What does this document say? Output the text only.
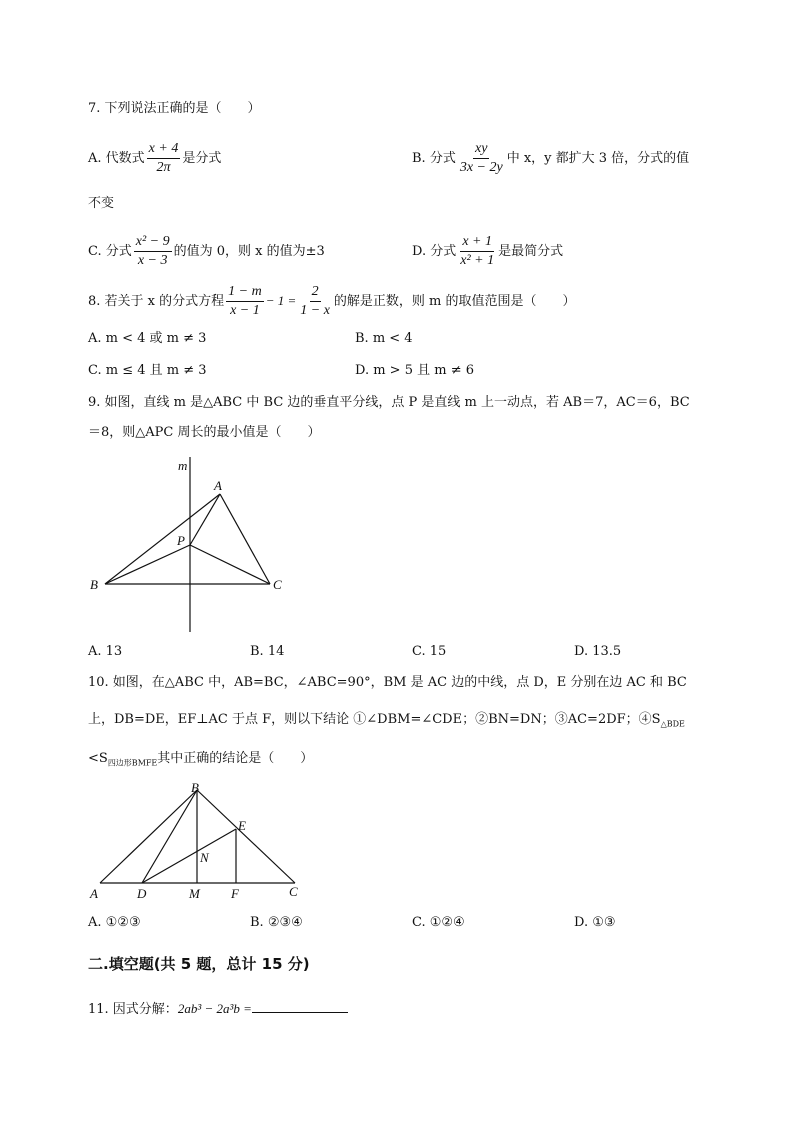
7. 下列说法正确的是（　　）
A. 代数式 $\frac{x + 4}{2\pi}$ 是分式	B. 分式 $\frac{xy}{3x - 2y}$ 中 x，y 都扩大 3 倍，分式的值
不变
C. 分式 $\frac{\text{x² − 9}}{x - 3}$ 的值为 0，则 x 的值为±3	D. 分式 $\frac{x + 1}{\text{x² + 1}}$ 是最简分式
8. 若关于 x 的分式方程 $\frac{1 - m}{x - 1} - 1 = \frac{2}{1 - x}$ 的解是正数，则 m 的取值范围是（　　）
A. m < 4 或 m ≠ 3	B. m < 4
C. m ≤ 4 且 m ≠ 3	D. m > 5 且 m ≠ 6
9. 如图，直线 m 是△ABC 中 BC 边的垂直平分线，点 P 是直线 m 上一动点，若 AB＝7，AC＝6，BC
＝8，则△APC 周长的最小值是（　　）
m
A
P
B	C
A. 13	B. 14	C. 15	D. 13.5
10. 如图，在△ABC 中，AB=BC，∠ABC=90°，BM 是 AC 边的中线，点 D，E 分别在边 AC 和 BC
上，DB=DE，EF⊥AC 于点 F，则以下结论 ①∠DBM=∠CDE；②BN=DN；③AC=2DF；$④S_{\triangle BDE}$
$<S_{四边形BMFE}$其中正确的结论是（　　）
B
E
N
A	D	M F	C
A. ①②③	B. ②③④	C. ①②④	D. ①③
二.填空题(共 5 题，总计 15 分)
11. 因式分解：2ab³ − 2a³b =
